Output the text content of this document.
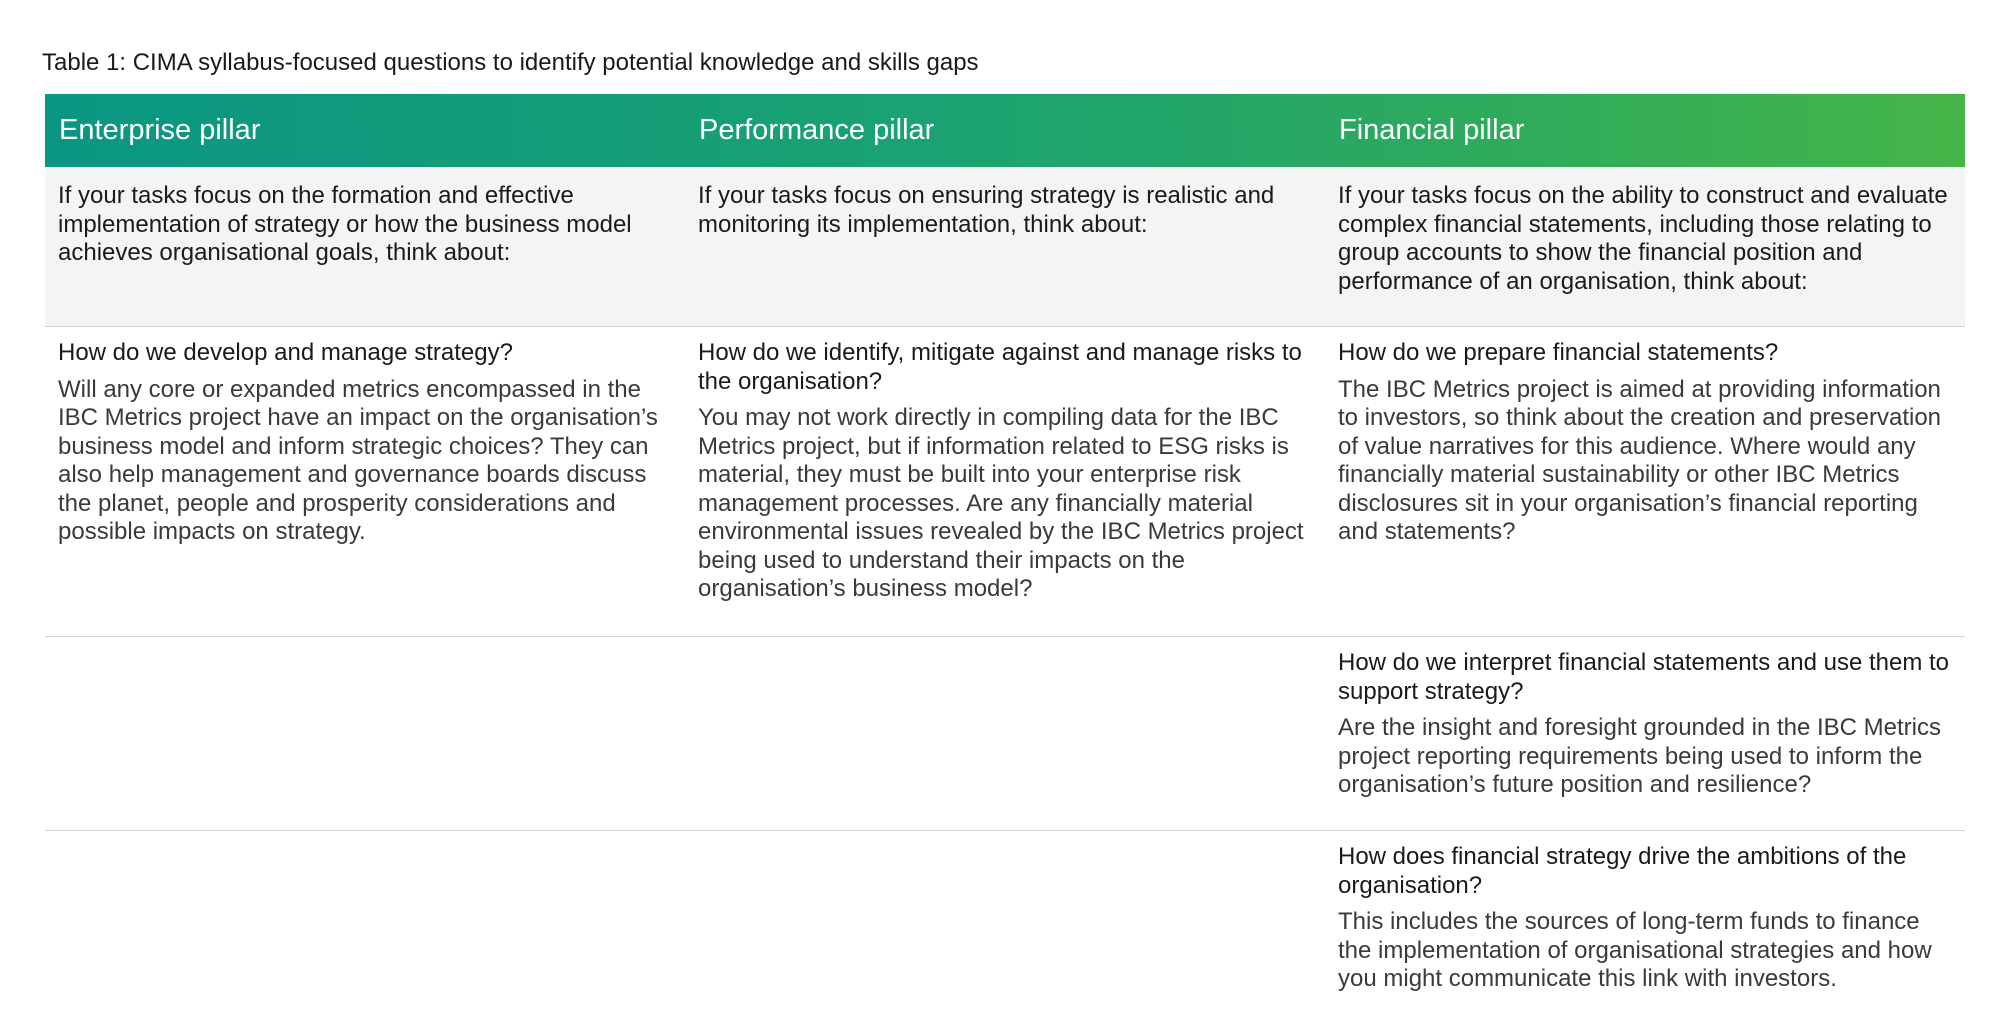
Table 1: CIMA syllabus-focused questions to identify potential knowledge and skills gaps
Enterprise pillar	Performance pillar	Financial pillar
If your tasks focus on the formation and effective implementation of strategy or how the business model achieves organisational goals, think about:
If your tasks focus on ensuring strategy is realistic and monitoring its implementation, think about:
If your tasks focus on the ability to construct and evaluate complex financial statements, including those relating to group accounts to show the financial position and performance of an organisation, think about:

How do we develop and manage strategy?

Will any core or expanded metrics encompassed in the IBC Metrics project have an impact on the organisation’s business model and inform strategic choices? They can also help management and governance boards discuss the planet, people and prosperity considerations and possible impacts on strategy.

How do we identify, mitigate against and manage risks to the organisation?

You may not work directly in compiling data for the IBC Metrics project, but if information related to ESG risks is material, they must be built into your enterprise risk management processes. Are any financially material environmental issues revealed by the IBC Metrics project being used to understand their impacts on the organisation’s business model?

How do we prepare financial statements?

The IBC Metrics project is aimed at providing information to investors, so think about the creation and preservation of value narratives for this audience. Where would any financially material sustainability or other IBC Metrics disclosures sit in your organisation’s financial reporting and statements?

How do we interpret financial statements and use them to support strategy?

Are the insight and foresight grounded in the IBC Metrics project reporting requirements being used to inform the organisation’s future position and resilience?

How does financial strategy drive the ambitions of the organisation?

This includes the sources of long-term funds to finance the implementation of organisational strategies and how you might communicate this link with investors.
